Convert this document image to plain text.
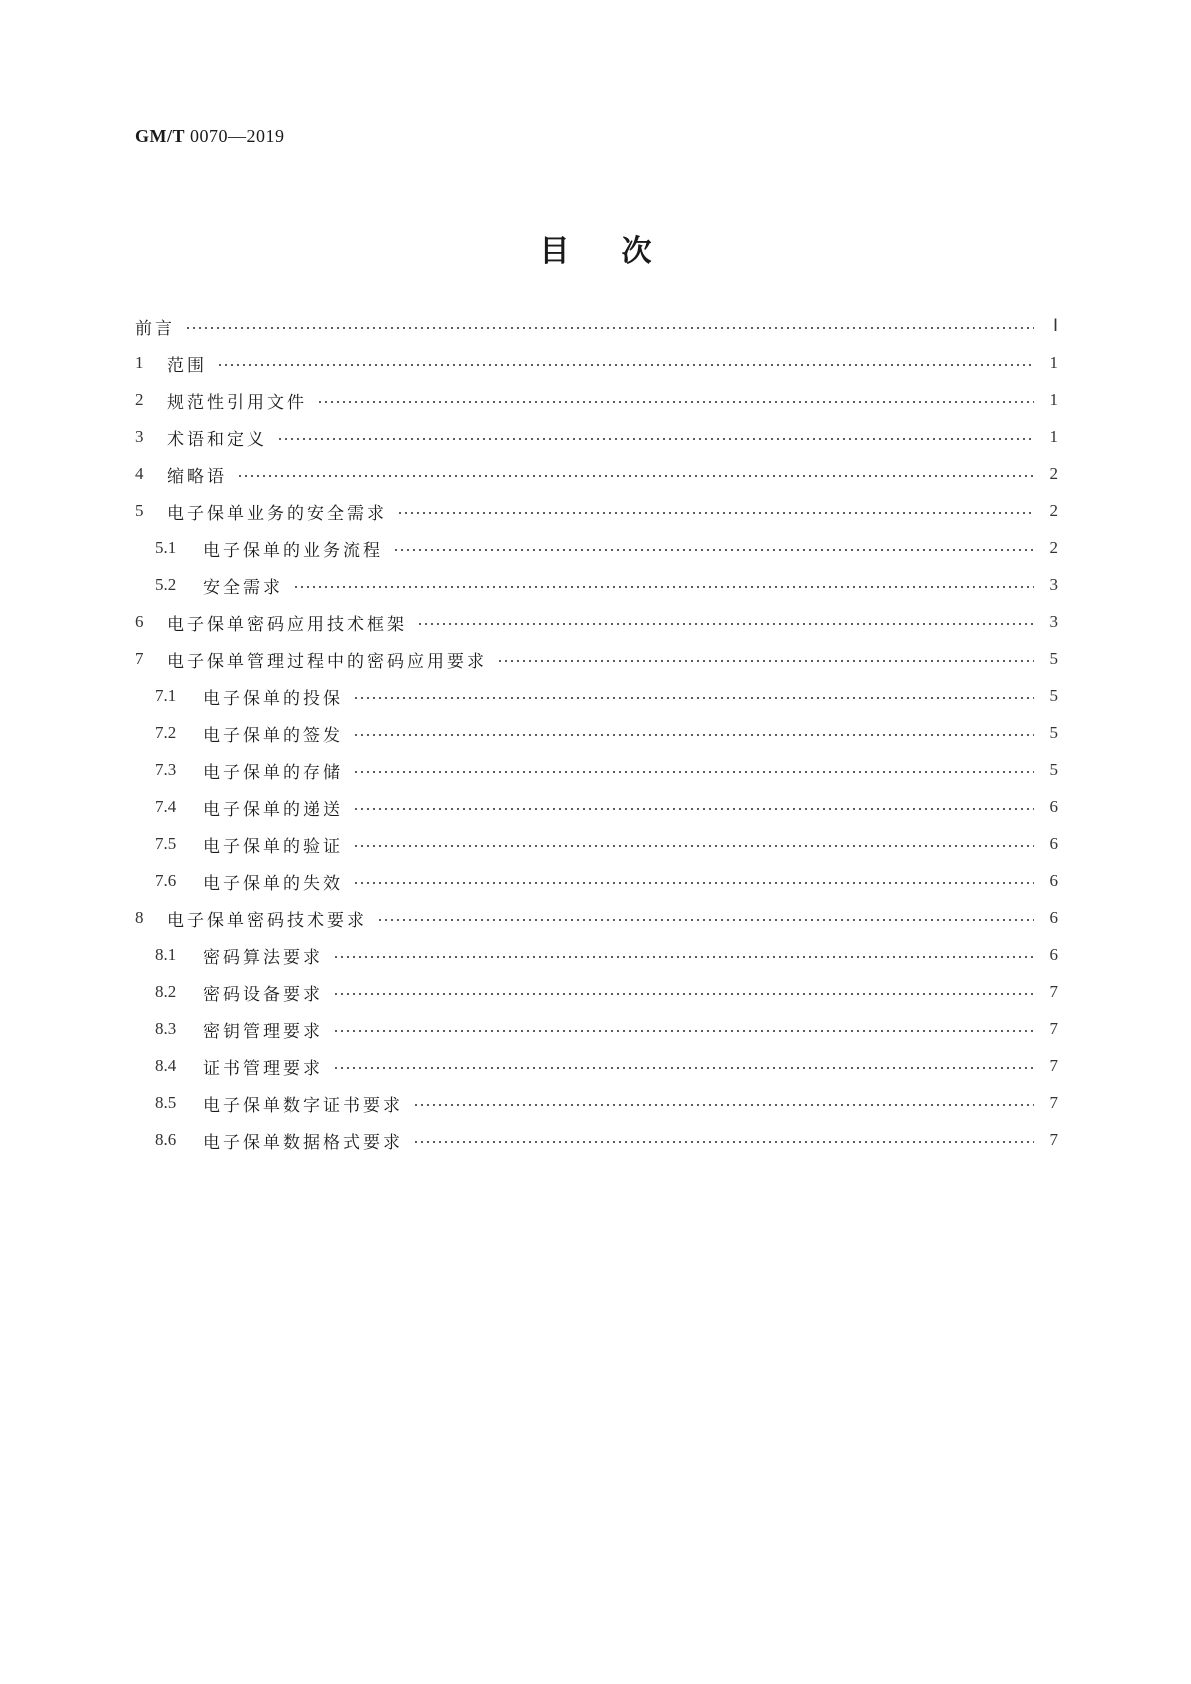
GM/T 0070—2019
目次
前言	Ⅰ
1	范围	1
2	规范性引用文件	1
3	术语和定义	1
4	缩略语	2
5	电子保单业务的安全需求	2
5.1	电子保单的业务流程	2
5.2	安全需求	3
6	电子保单密码应用技术框架	3
7	电子保单管理过程中的密码应用要求	5
7.1	电子保单的投保	5
7.2	电子保单的签发	5
7.3	电子保单的存储	5
7.4	电子保单的递送	6
7.5	电子保单的验证	6
7.6	电子保单的失效	6
8	电子保单密码技术要求	6
8.1	密码算法要求	6
8.2	密码设备要求	7
8.3	密钥管理要求	7
8.4	证书管理要求	7
8.5	电子保单数字证书要求	7
8.6	电子保单数据格式要求	7
